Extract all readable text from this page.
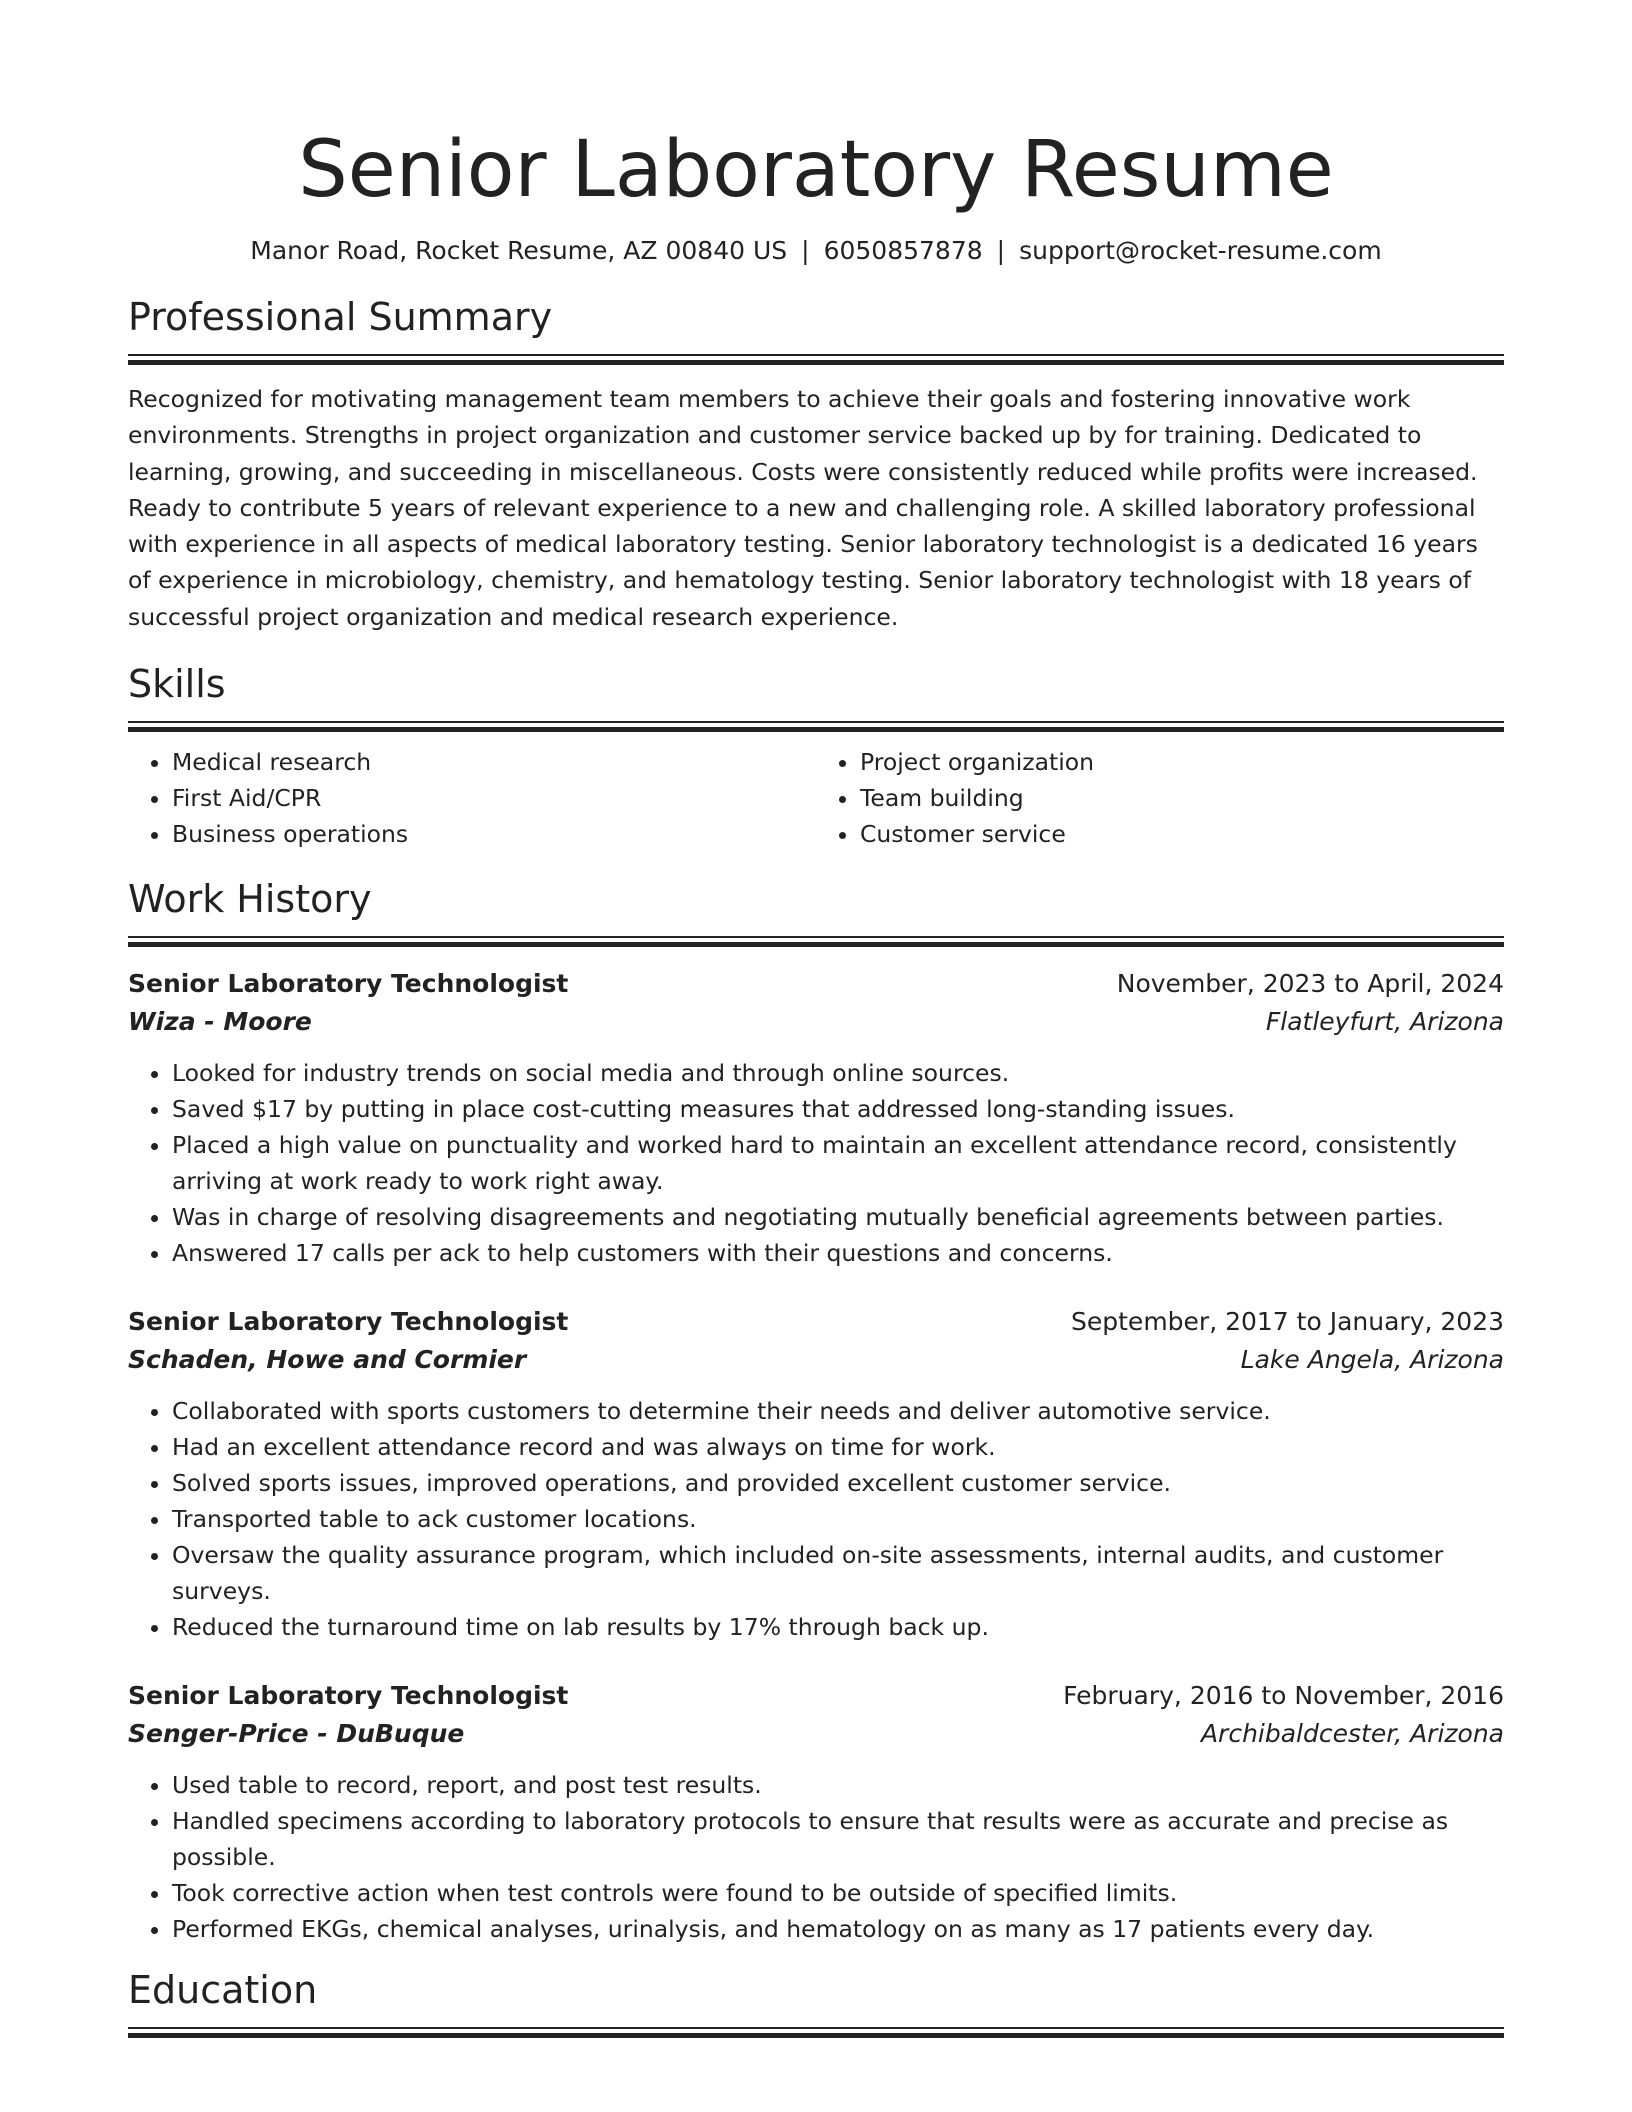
Senior Laboratory Resume
Manor Road, Rocket Resume, AZ 00840 US | 6050857878 | support@rocket-resume.com
Professional Summary

Recognized for motivating management team members to achieve their goals and fostering innovative work environments. Strengths in project organization and customer service backed up by for training. Dedicated to learning, growing, and succeeding in miscellaneous. Costs were consistently reduced while profits were increased. Ready to contribute 5 years of relevant experience to a new and challenging role. A skilled laboratory professional with experience in all aspects of medical laboratory testing. Senior laboratory technologist is a dedicated 16 years of experience in microbiology, chemistry, and hematology testing. Senior laboratory technologist with 18 years of successful project organization and medical research experience.

Skills
• Medical research
• First Aid/CPR
• Business operations
• Project organization
• Team building
• Customer service
Work History
Senior Laboratory Technologist	November, 2023 to April, 2024
Wiza - Moore	Flatleyfurt, Arizona
• Looked for industry trends on social media and through online sources.
• Saved $17 by putting in place cost-cutting measures that addressed long-standing issues.
• Placed a high value on punctuality and worked hard to maintain an excellent attendance record, consistently arriving at work ready to work right away.
• Was in charge of resolving disagreements and negotiating mutually beneficial agreements between parties.
• Answered 17 calls per ack to help customers with their questions and concerns.
Senior Laboratory Technologist	September, 2017 to January, 2023
Schaden, Howe and Cormier	Lake Angela, Arizona
• Collaborated with sports customers to determine their needs and deliver automotive service.
• Had an excellent attendance record and was always on time for work.
• Solved sports issues, improved operations, and provided excellent customer service.
• Transported table to ack customer locations.
• Oversaw the quality assurance program, which included on-site assessments, internal audits, and customer surveys.
• Reduced the turnaround time on lab results by 17% through back up.
Senior Laboratory Technologist	February, 2016 to November, 2016
Senger-Price - DuBuque	Archibaldcester, Arizona
• Used table to record, report, and post test results.
• Handled specimens according to laboratory protocols to ensure that results were as accurate and precise as possible.
• Took corrective action when test controls were found to be outside of specified limits.
• Performed EKGs, chemical analyses, urinalysis, and hematology on as many as 17 patients every day.
Education
